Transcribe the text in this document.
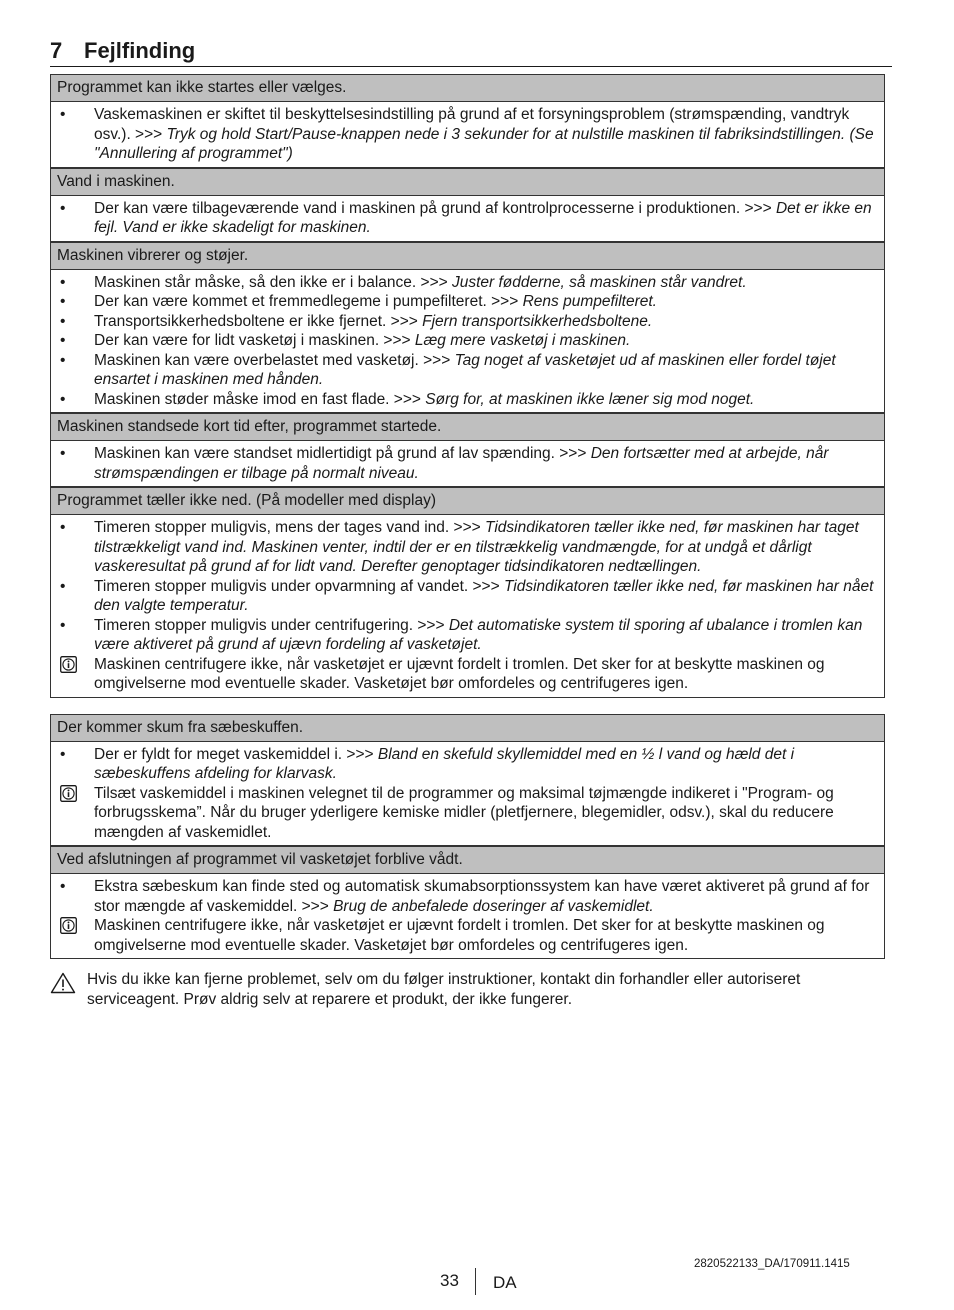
7 Fejlfinding
Programmet kan ikke startes eller vælges.
•
Vaskemaskinen er skiftet til beskyttelsesindstilling på grund af et forsyningsproblem (strømspænding, vandtryk osv.). >>> Tryk og hold Start/Pause-knappen nede i 3 sekunder for at nulstille maskinen til fabriksindstillingen. (Se "Annullering af programmet")
Vand i maskinen.
•
Der kan være tilbageværende vand i maskinen på grund af kontrolprocesserne i produktionen. >>> Det er ikke en fejl. Vand er ikke skadeligt for maskinen.
Maskinen vibrerer og støjer.
•
Maskinen står måske, så den ikke er i balance. >>> Juster fødderne, så maskinen står vandret.
•
Der kan være kommet et fremmedlegeme i pumpefilteret. >>> Rens pumpefilteret.
•
Transportsikkerhedsboltene er ikke fjernet. >>> Fjern transportsikkerhedsboltene.
•
Der kan være for lidt vasketøj i maskinen. >>> Læg mere vasketøj i maskinen.
•
Maskinen kan være overbelastet med vasketøj. >>> Tag noget af vasketøjet ud af maskinen eller fordel tøjet ensartet i maskinen med hånden.
•
Maskinen støder måske imod en fast flade. >>> Sørg for, at maskinen ikke læner sig mod noget.
Maskinen standsede kort tid efter, programmet startede.
•
Maskinen kan være standset midlertidigt på grund af lav spænding. >>> Den fortsætter med at arbejde, når strømspændingen er tilbage på normalt niveau.
Programmet tæller ikke ned. (På modeller med display)
•
Timeren stopper muligvis, mens der tages vand ind. >>> Tidsindikatoren tæller ikke ned, før maskinen har taget tilstrækkeligt vand ind. Maskinen venter, indtil der er en tilstrækkelig vandmængde, for at undgå et dårligt vaskeresultat på grund af for lidt vand. Derefter genoptager tidsindikatoren nedtællingen.
•
Timeren stopper muligvis under opvarmning af vandet. >>> Tidsindikatoren tæller ikke ned, før maskinen har nået den valgte temperatur.
•
Timeren stopper muligvis under centrifugering. >>> Det automatiske system til sporing af ubalance i tromlen kan være aktiveret på grund af ujævn fordeling af vasketøjet.
Maskinen centrifugere ikke, når vasketøjet er ujævnt fordelt i tromlen. Det sker for at beskytte maskinen og omgivelserne mod eventuelle skader. Vasketøjet bør omfordeles og centrifugeres igen.
Der kommer skum fra sæbeskuffen.
•
Der er fyldt for meget vaskemiddel i. >>> Bland en skefuld skyllemiddel med en ½ l vand og hæld det i sæbeskuffens afdeling for klarvask.
Tilsæt vaskemiddel i maskinen velegnet til de programmer og maksimal tøjmængde indikeret i "Program- og forbrugsskema”. Når du bruger yderligere kemiske midler (pletfjernere, blegemidler, odsv.), skal du reducere mængden af vaskemidlet.
Ved afslutningen af programmet vil vasketøjet forblive vådt.
•
Ekstra sæbeskum kan finde sted og automatisk skumabsorptionssystem kan have været aktiveret på grund af for stor mængde af vaskemiddel. >>> Brug de anbefalede doseringer af vaskemidlet.
Maskinen centrifugere ikke, når vasketøjet er ujævnt fordelt i tromlen. Det sker for at beskytte maskinen og omgivelserne mod eventuelle skader. Vasketøjet bør omfordeles og centrifugeres igen.
Hvis du ikke kan fjerne problemet, selv om du følger instruktioner, kontakt din forhandler eller autoriseret serviceagent. Prøv aldrig selv at reparere et produkt, der ikke fungerer.
2820522133_DA/170911.1415
33 DA
